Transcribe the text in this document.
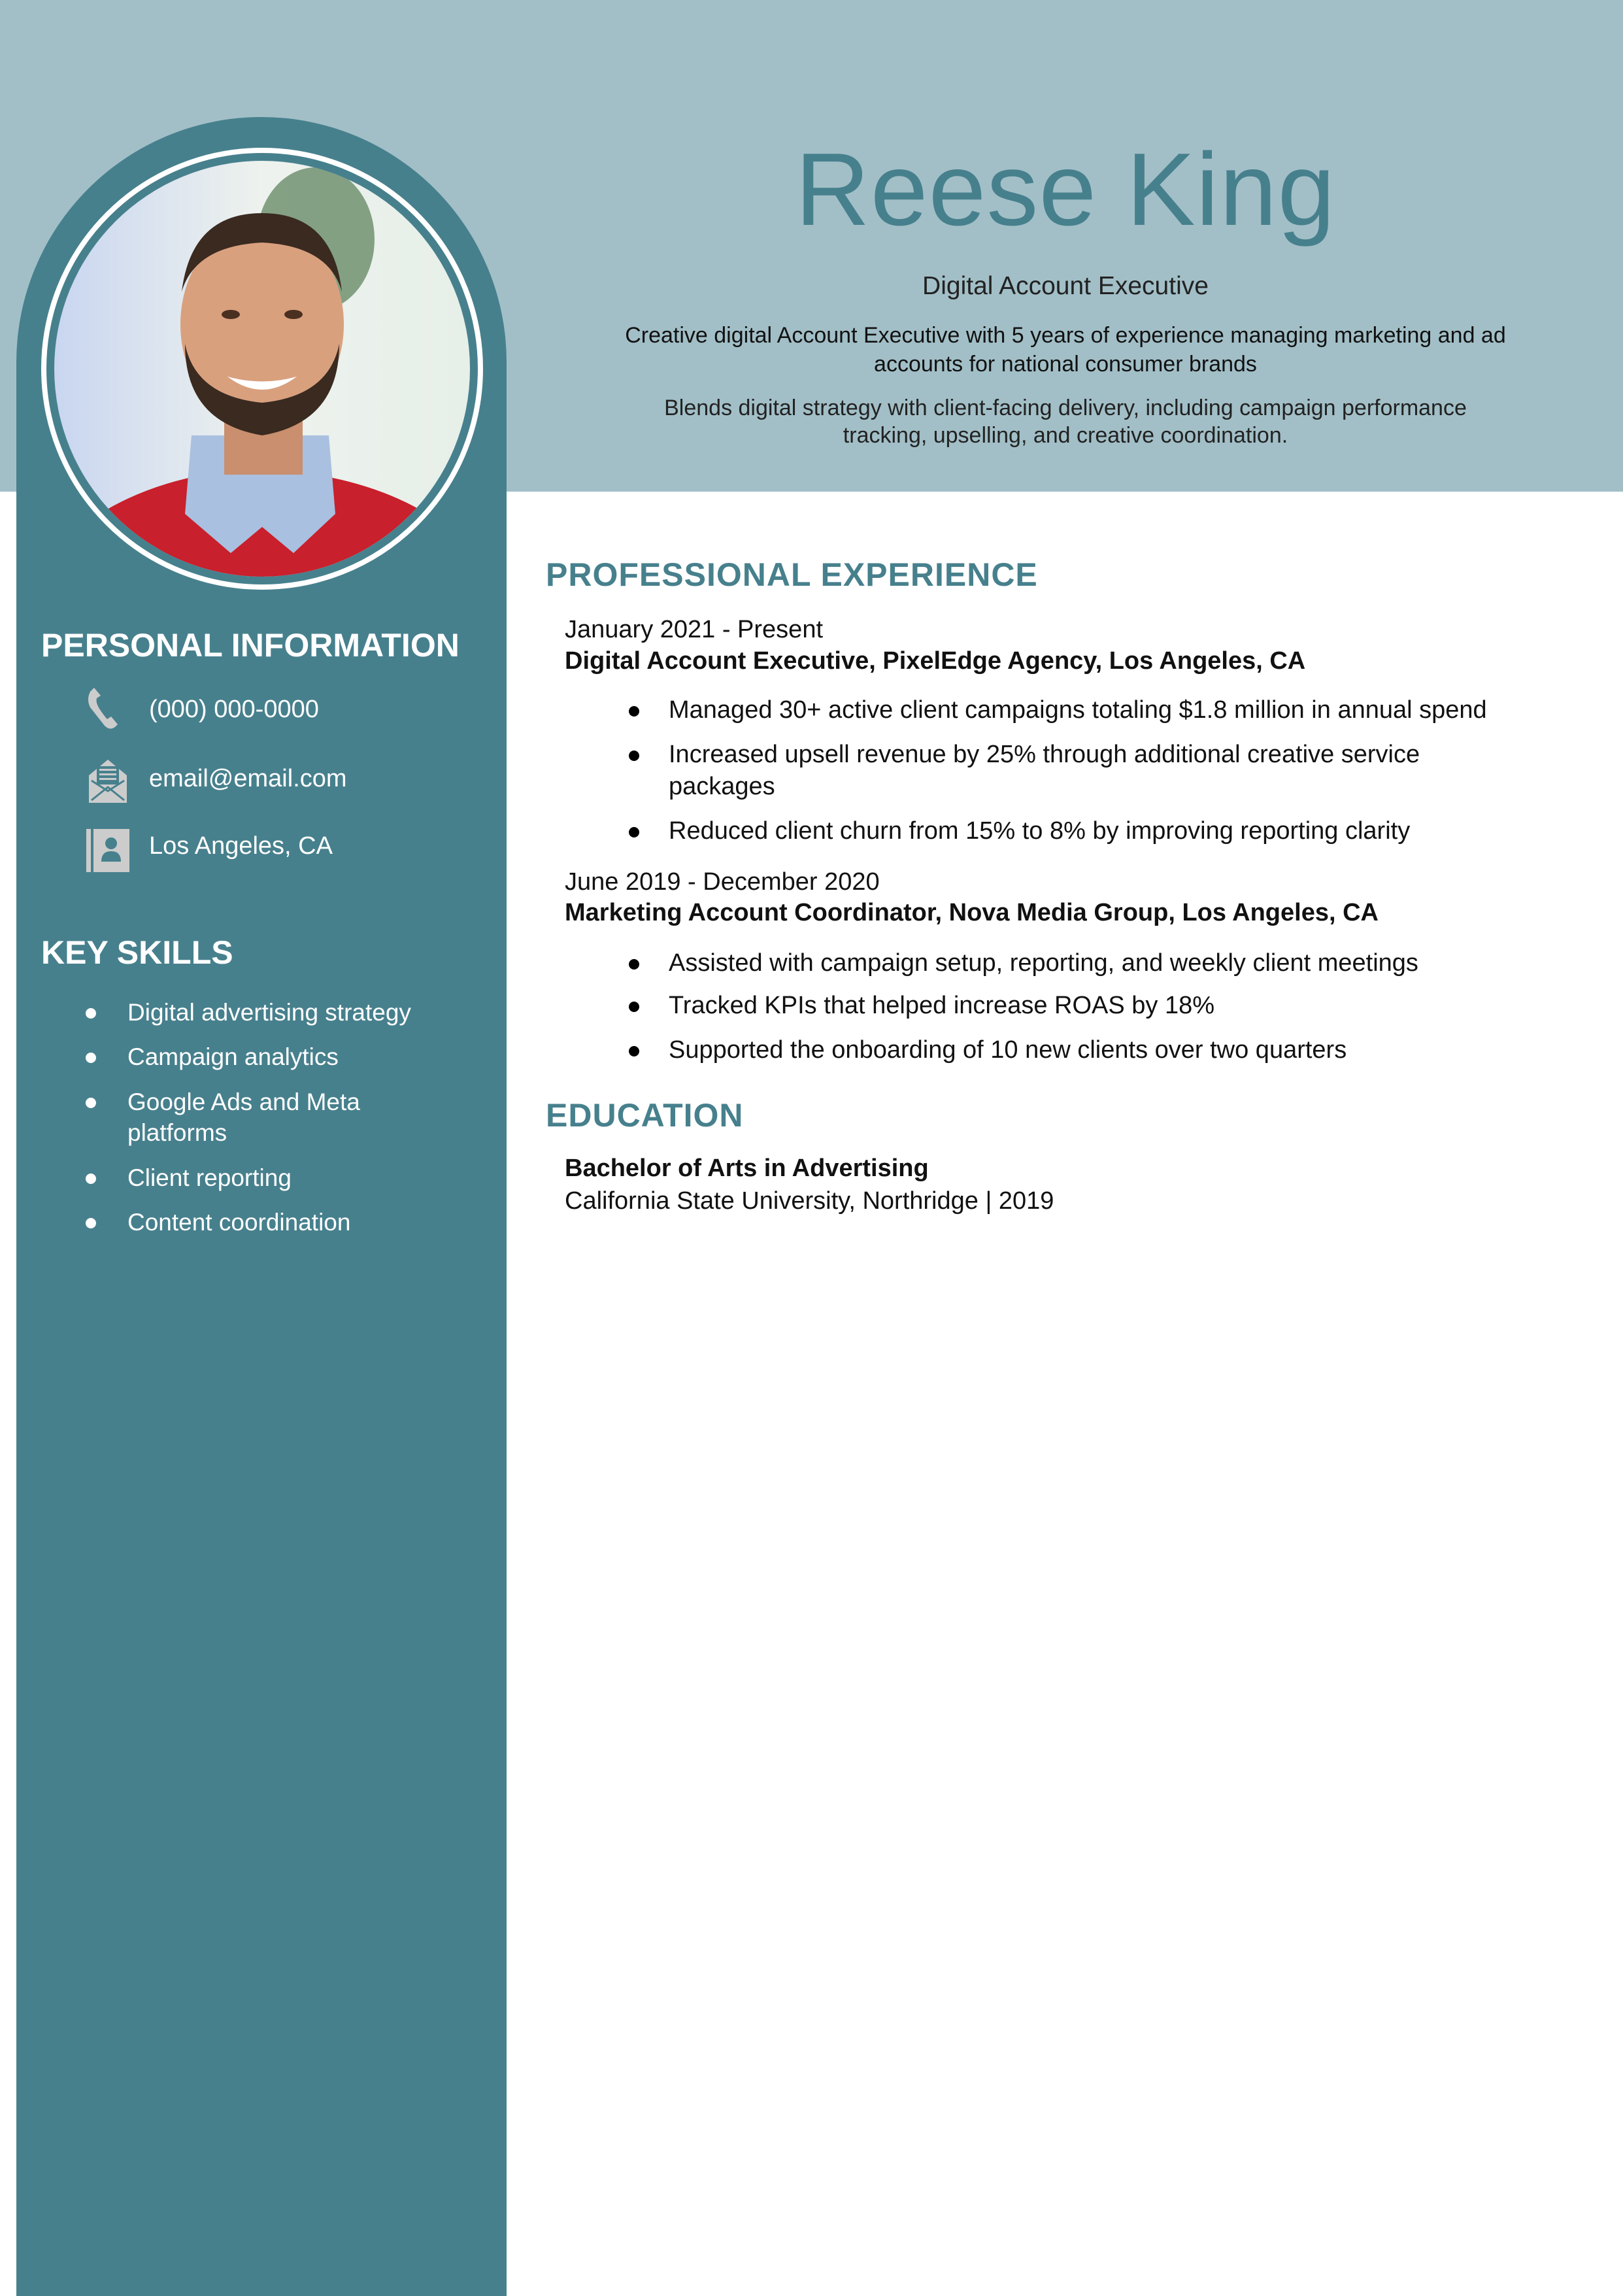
Reese King
Digital Account Executive
Creative digital Account Executive with 5 years of experience managing marketing and ad
accounts for national consumer brands
Blends digital strategy with client-facing delivery, including campaign performance
tracking, upselling, and creative coordination.
PERSONAL INFORMATION
(000) 000-0000
email@email.com
Los Angeles, CA
KEY SKILLS
Digital advertising strategy
Campaign analytics
Google Ads and Meta
platforms
Client reporting
Content coordination
PROFESSIONAL EXPERIENCE
January 2021 - Present
Digital Account Executive, PixelEdge Agency, Los Angeles, CA
Managed 30+ active client campaigns totaling $1.8 million in annual spend
Increased upsell revenue by 25% through additional creative service
packages
Reduced client churn from 15% to 8% by improving reporting clarity
June 2019 - December 2020
Marketing Account Coordinator, Nova Media Group, Los Angeles, CA
Assisted with campaign setup, reporting, and weekly client meetings
Tracked KPIs that helped increase ROAS by 18%
Supported the onboarding of 10 new clients over two quarters
EDUCATION
Bachelor of Arts in Advertising
California State University, Northridge | 2019
